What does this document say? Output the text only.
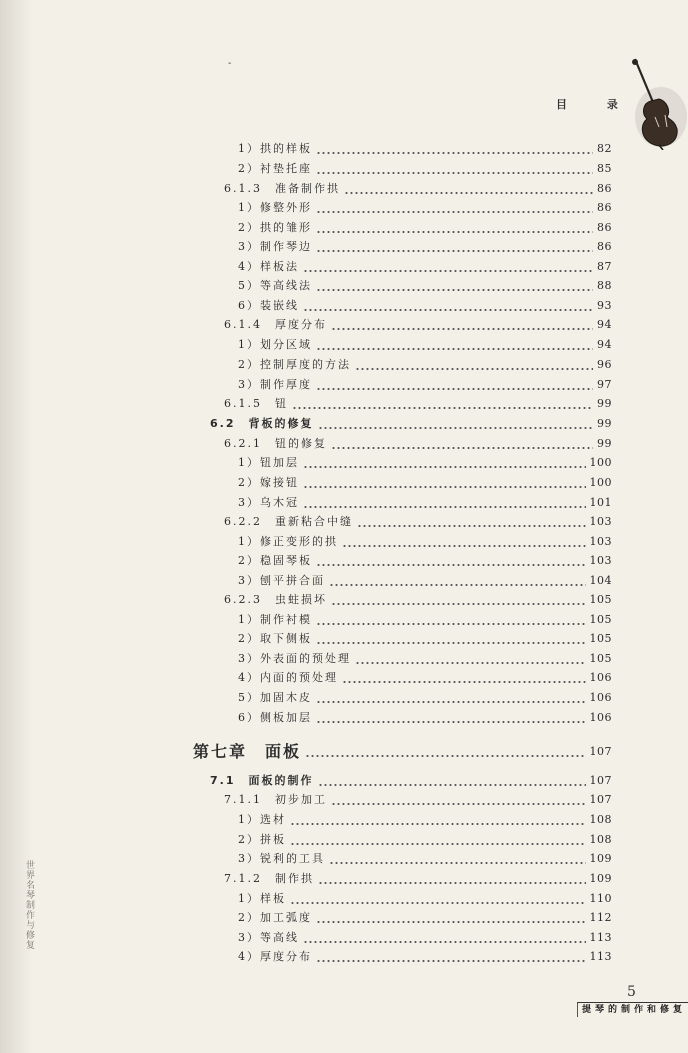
世界名琴制作与修复
-
目 录
1）拱的样板	82
2）衬垫托座	85
6.1.3　准备制作拱	86
1）修整外形	86
2）拱的雏形	86
3）制作琴边	86
4）样板法	87
5）等高线法	88
6）装嵌线	93
6.1.4　厚度分布	94
1）划分区域	94
2）控制厚度的方法	96
3）制作厚度	97
6.1.5　钮	99
6.2　背板的修复	99
6.2.1　钮的修复	99
1）钮加层	100
2）嫁接钮	100
3）乌木冠	101
6.2.2　重新粘合中缝	103
1）修正变形的拱	103
2）稳固琴板	103
3）刨平拼合面	104
6.2.3　虫蛀损坏	105
1）制作衬模	105
2）取下侧板	105
3）外表面的预处理	105
4）内面的预处理	106
5）加固木皮	106
6）侧板加层	106
第七章　面板	107
7.1　面板的制作	107
7.1.1　初步加工	107
1）选材	108
2）拼板	108
3）锐利的工具	109
7.1.2　制作拱	109
1）样板	110
2）加工弧度	112
3）等高线	113
4）厚度分布	113
5
提琴的制作和修复
